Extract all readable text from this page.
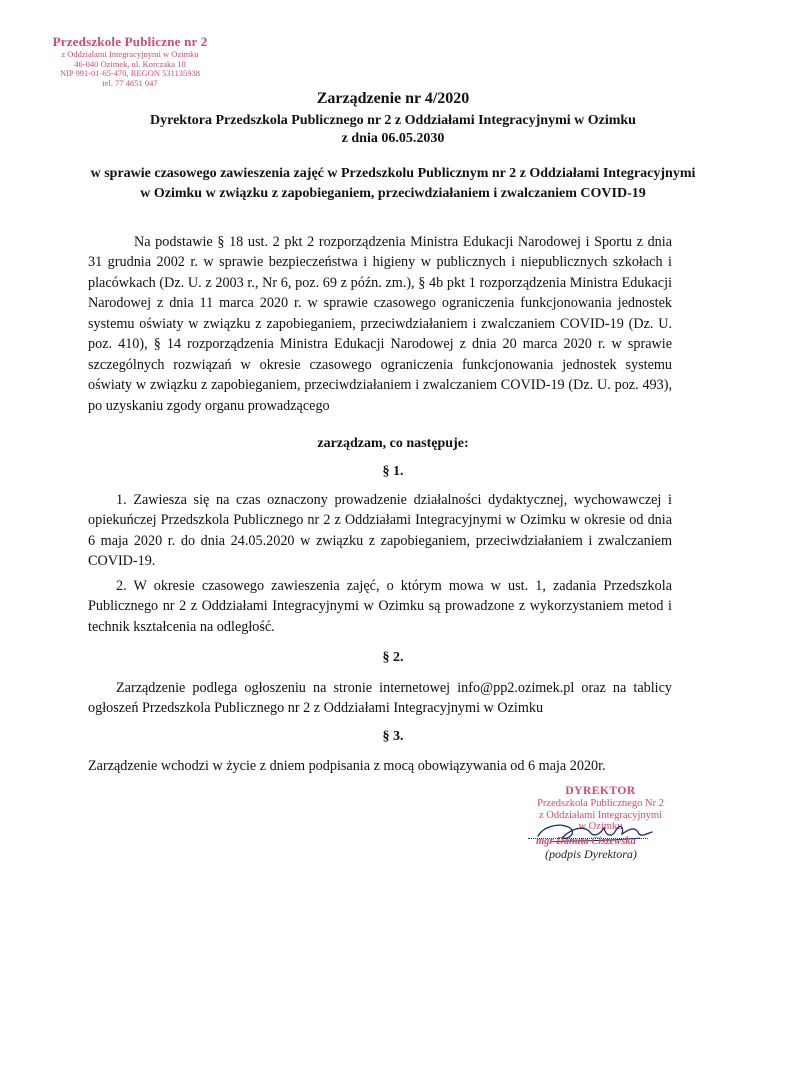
Przedszkole Publiczne nr 2
z Oddziałami Integracyjnymi w Ozimku
46-040 Ozimek, ul. Korczaka 10
NIP 991-01-65-470, REGON 531135938
tel. 77 4651 047
Zarządzenie nr 4/2020
Dyrektora Przedszkola Publicznego nr 2 z Oddziałami Integracyjnymi w Ozimku
z dnia 06.05.2030
w sprawie czasowego zawieszenia zajęć w Przedszkolu Publicznym nr 2 z Oddziałami Integracyjnymi w Ozimku w związku z zapobieganiem, przeciwdziałaniem i zwalczaniem COVID-19
Na podstawie § 18 ust. 2 pkt 2 rozporządzenia Ministra Edukacji Narodowej i Sportu z dnia 31 grudnia 2002 r. w sprawie bezpieczeństwa i higieny w publicznych i niepublicznych szkołach i placówkach (Dz. U. z 2003 r., Nr 6, poz. 69 z późn. zm.), § 4b pkt 1 rozporządzenia Ministra Edukacji Narodowej z dnia 11 marca 2020 r. w sprawie czasowego ograniczenia funkcjonowania jednostek systemu oświaty w związku z zapobieganiem, przeciwdziałaniem i zwalczaniem COVID-19 (Dz. U. poz. 410), § 14 rozporządzenia Ministra Edukacji Narodowej z dnia 20 marca 2020 r. w sprawie szczególnych rozwiązań w okresie czasowego ograniczenia funkcjonowania jednostek systemu oświaty w związku z zapobieganiem, przeciwdziałaniem i zwalczaniem COVID-19 (Dz. U. poz. 493), po uzyskaniu zgody organu prowadzącego
zarządzam, co następuje:
§ 1.
1. Zawiesza się na czas oznaczony prowadzenie działalności dydaktycznej, wychowawczej i opiekuńczej Przedszkola Publicznego nr 2 z Oddziałami Integracyjnymi w Ozimku w okresie od dnia 6 maja 2020 r. do dnia 24.05.2020 w związku z zapobieganiem, przeciwdziałaniem i zwalczaniem COVID-19.
2. W okresie czasowego zawieszenia zajęć, o którym mowa w ust. 1, zadania Przedszkola Publicznego nr 2 z Oddziałami Integracyjnymi w Ozimku są prowadzone z wykorzystaniem metod i technik kształcenia na odległość.
§ 2.
Zarządzenie podlega ogłoszeniu na stronie internetowej info@pp2.ozimek.pl oraz na tablicy ogłoszeń Przedszkola Publicznego nr 2 z Oddziałami Integracyjnymi w Ozimku
§ 3.
Zarządzenie wchodzi w życie z dniem podpisania z mocą obowiązywania od 6 maja 2020r.
DYREKTOR
Przedszkola Publicznego Nr 2
z Oddziałami Integracyjnymi
w Ozimku
mgr Danuta Ciszewska
(podpis Dyrektora)
